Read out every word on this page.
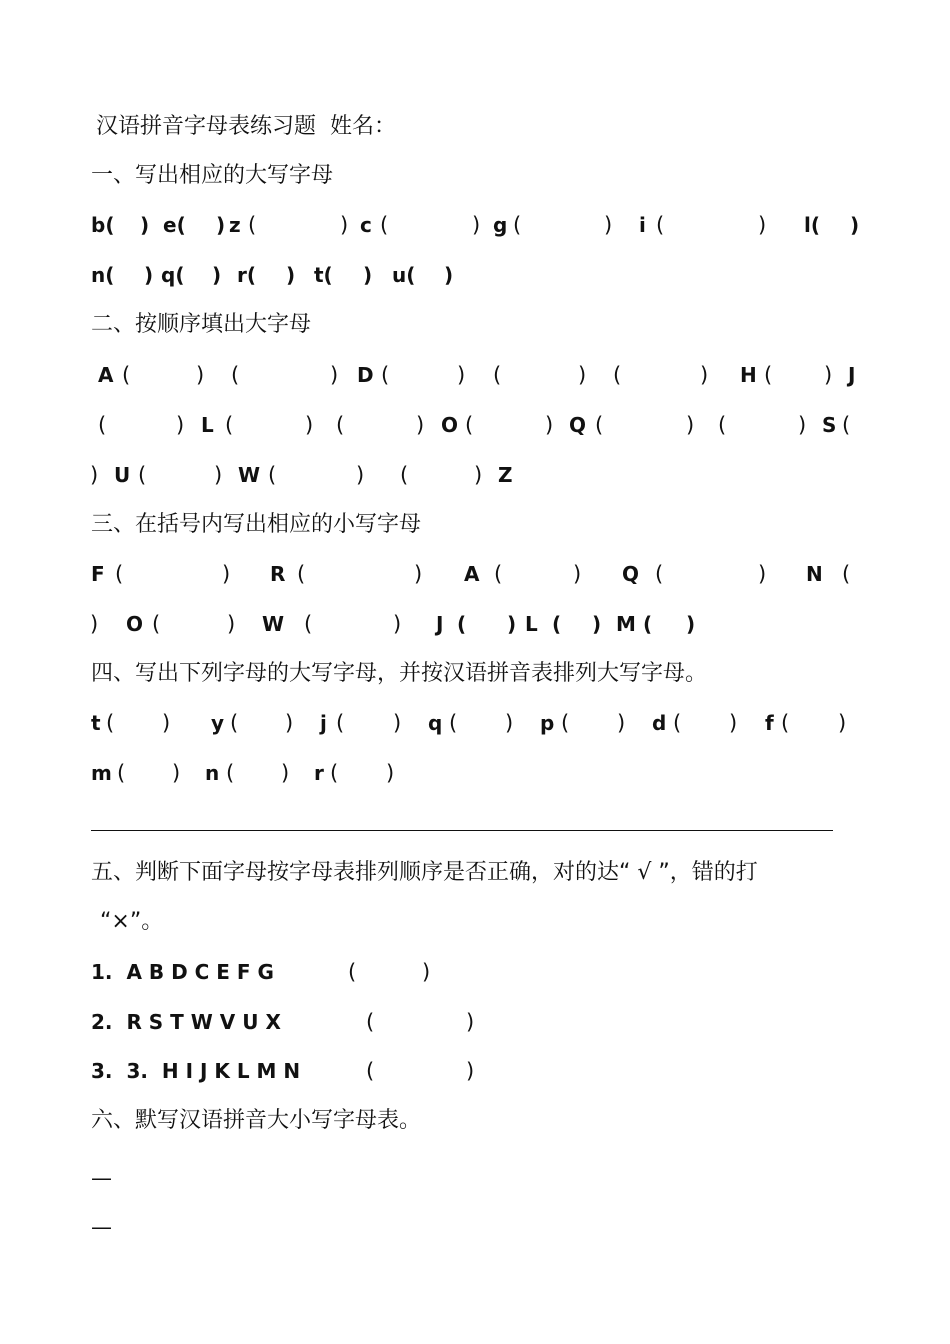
汉语拼音字母表练习题  姓名：
一、写出相应的大写字母
b( ) e( ) z (	) c (	) g (	) i (	) l( )
n( ) q( ) r( ) t( ) u( )
二、按顺序填出大字母
A (	) (	) D (	) (	) (	) H ( ) J
(	) L (	) (	) O (	) Q (	) (	) S (
) U (	) W (	) (	) Z
三、在括号内写出相应的小写字母
F (	) R (	) A (	) Q (	) N (
) O (	) W (	) J ( ) L ( ) M ( )
四、写出下列字母的大写字母，并按汉语拼音表排列大写字母。
t ( ) y ( ) j ( ) q ( ) p ( ) d ( ) f ( )
m ( ) n ( ) r ( )
五、判断下面字母按字母表排列顺序是否正确，对的达“ √ ”，错的打
“×”。
1.  A B D C E F G	(	)
2.  R S T W V U X	(	)
3.  3.  H I J K L M N	(	)
六、默写汉语拼音大小写字母表。
—
—
